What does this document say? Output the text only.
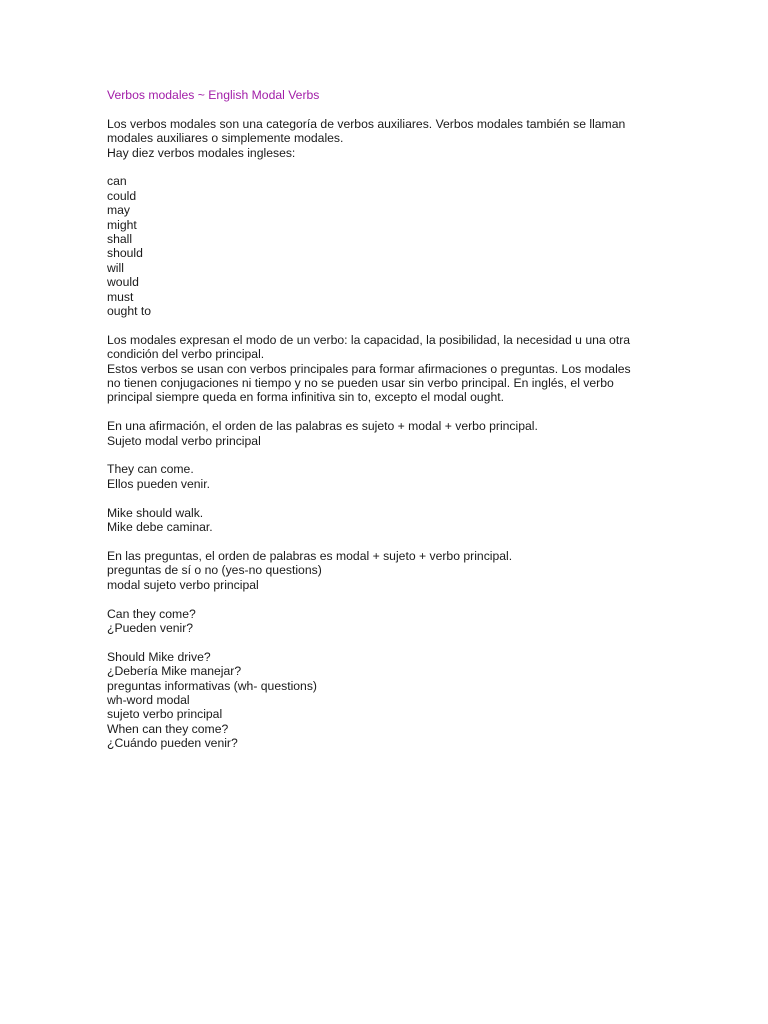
Verbos modales ~ English Modal Verbs
Los verbos modales son una categoría de verbos auxiliares. Verbos modales también se llaman
modales auxiliares o simplemente modales.
Hay diez verbos modales ingleses:
can
could
may
might
shall
should
will
would
must
ought to
Los modales expresan el modo de un verbo: la capacidad, la posibilidad, la necesidad u una otra
condición del verbo principal.
Estos verbos se usan con verbos principales para formar afirmaciones o preguntas. Los modales
no tienen conjugaciones ni tiempo y no se pueden usar sin verbo principal. En inglés, el verbo
principal siempre queda en forma infinitiva sin to, excepto el modal ought.
En una afirmación, el orden de las palabras es sujeto + modal + verbo principal.
Sujeto modal verbo principal
They can come.
Ellos pueden venir.
Mike should walk.
Mike debe caminar.
En las preguntas, el orden de palabras es modal + sujeto + verbo principal.
preguntas de sí o no (yes-no questions)
modal sujeto verbo principal
Can they come?
¿Pueden venir?
Should Mike drive?
¿Debería Mike manejar?
preguntas informativas (wh- questions)
wh-word modal
sujeto verbo principal
When can they come?
¿Cuándo pueden venir?
